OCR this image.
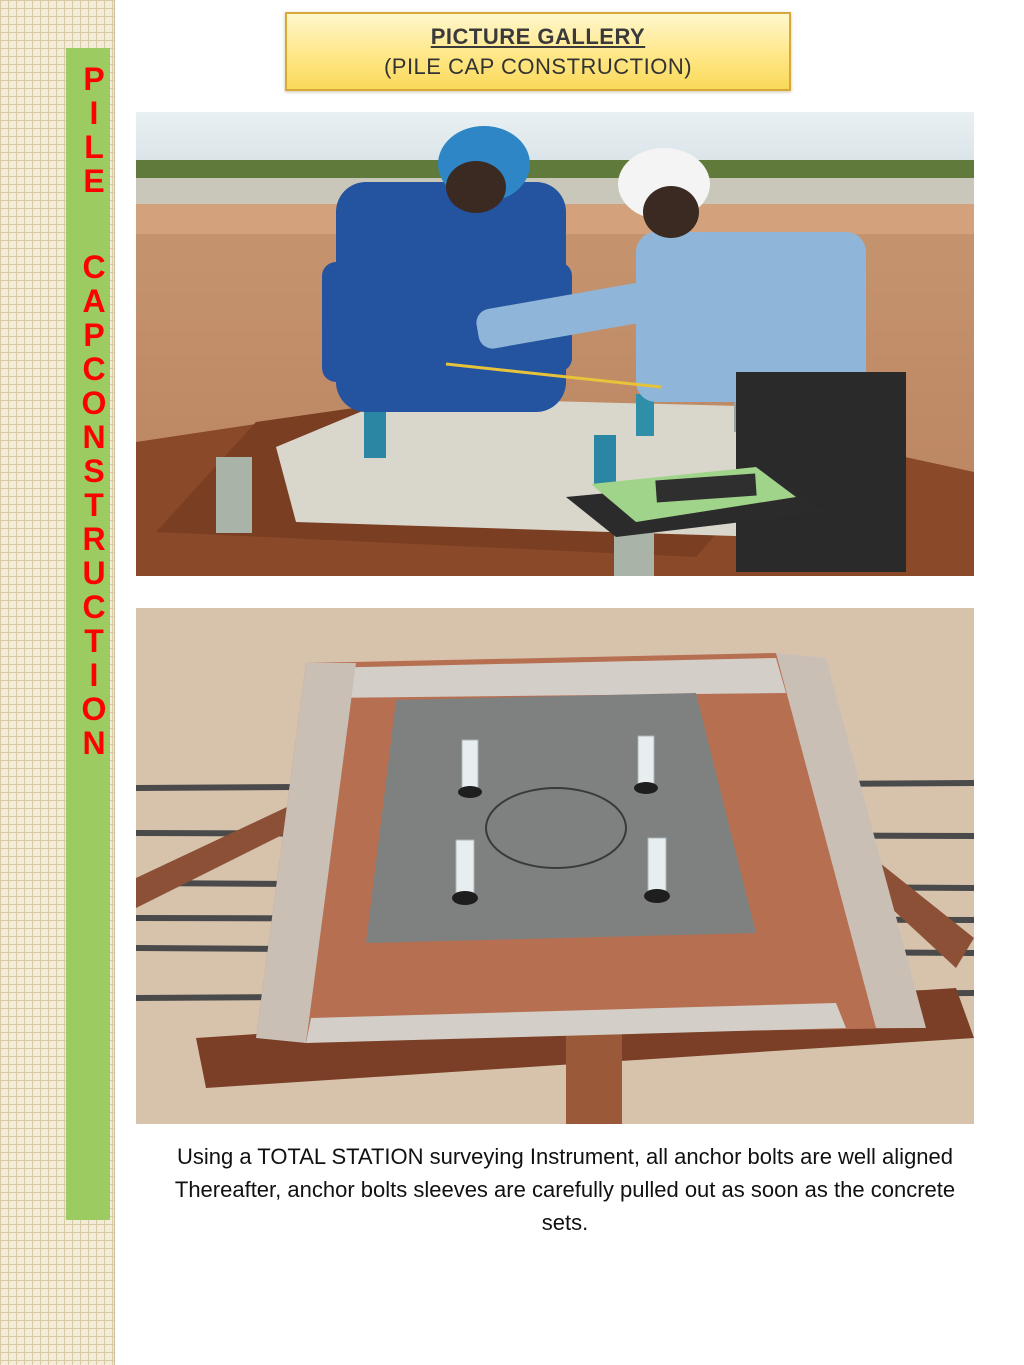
P
I
L
E
C
A
P
C
O
N
S
T
R
U
C
T
I
O
N
PICTURE GALLERY
(PILE CAP CONSTRUCTION)
Using a TOTAL STATION surveying Instrument, all anchor bolts are well aligned Thereafter, anchor bolts sleeves are carefully pulled out as soon as the concrete sets.
